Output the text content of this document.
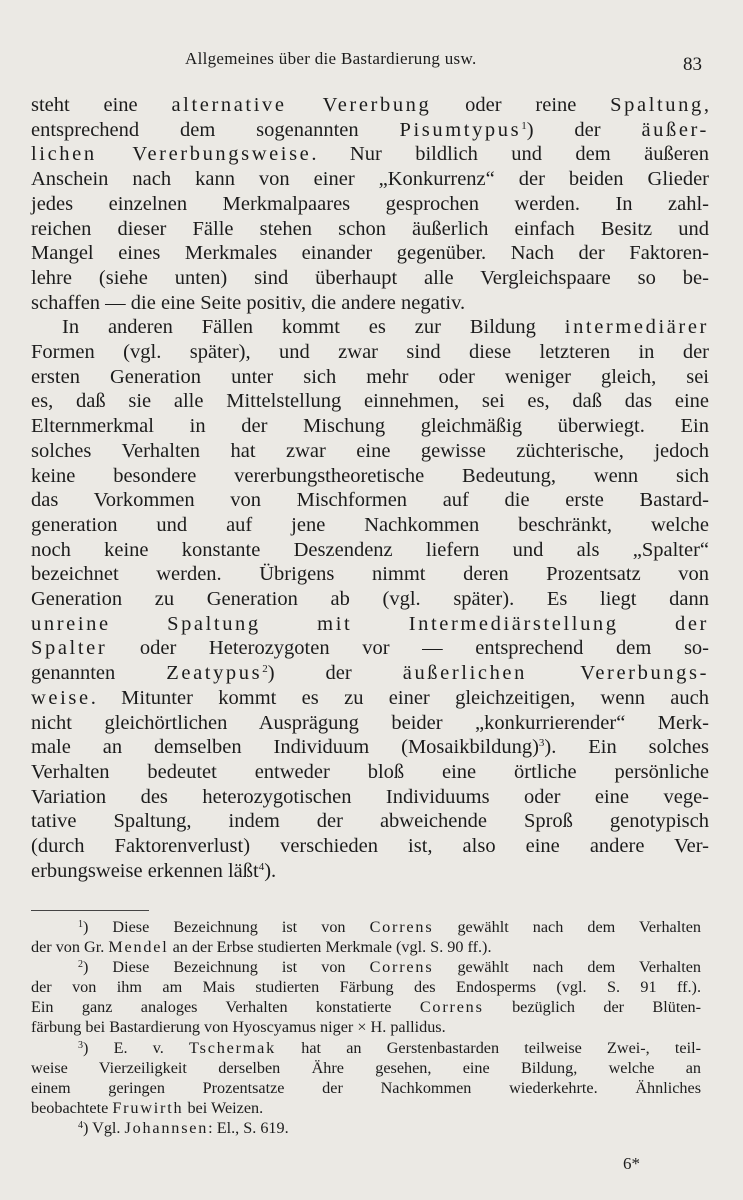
Allgemeines über die Bastardierung usw.	83
steht eine alternative Vererbung oder reine Spaltung,
entsprechend dem sogenannten Pisumtypus$^1$) der äußer-
lichen Vererbungsweise. Nur bildlich und dem äußeren
Anschein nach kann von einer „Konkurrenz“ der beiden Glieder
jedes einzelnen Merkmalpaares gesprochen werden. In zahl-
reichen dieser Fälle stehen schon äußerlich einfach Besitz und
Mangel eines Merkmales einander gegenüber. Nach der Faktoren-
lehre (siehe unten) sind überhaupt alle Vergleichspaare so be-
schaffen — die eine Seite positiv, die andere negativ.
In anderen Fällen kommt es zur Bildung intermediärer
Formen (vgl. später), und zwar sind diese letzteren in der
ersten Generation unter sich mehr oder weniger gleich, sei
es, daß sie alle Mittelstellung einnehmen, sei es, daß das eine
Elternmerkmal in der Mischung gleichmäßig überwiegt. Ein
solches Verhalten hat zwar eine gewisse züchterische, jedoch
keine besondere vererbungstheoretische Bedeutung, wenn sich
das Vorkommen von Mischformen auf die erste Bastard-
generation und auf jene Nachkommen beschränkt, welche
noch keine konstante Deszendenz liefern und als „Spalter“
bezeichnet werden. Übrigens nimmt deren Prozentsatz von
Generation zu Generation ab (vgl. später). Es liegt dann
unreine Spaltung mit Intermediärstellung der
Spalter oder Heterozygoten vor — entsprechend dem so-
genannten Zeatypus$^2$) der äußerlichen Vererbungs-
weise. Mitunter kommt es zu einer gleichzeitigen, wenn auch
nicht gleichörtlichen Ausprägung beider „konkurrierender“ Merk-
male an demselben Individuum (Mosaikbildung)$^3$). Ein solches
Verhalten bedeutet entweder bloß eine örtliche persönliche
Variation des heterozygotischen Individuums oder eine vege-
tative Spaltung, indem der abweichende Sproß genotypisch
(durch Faktorenverlust) verschieden ist, also eine andere Ver-
erbungsweise erkennen läßt$^4$).
$^1$) Diese Bezeichnung ist von Correns gewählt nach dem Verhalten
der von Gr. Mendel an der Erbse studierten Merkmale (vgl. S. 90 ff.).
$^2$) Diese Bezeichnung ist von Correns gewählt nach dem Verhalten
der von ihm am Mais studierten Färbung des Endosperms (vgl. S. 91 ff.).
Ein ganz analoges Verhalten konstatierte Correns bezüglich der Blüten-
färbung bei Bastardierung von Hyoscyamus niger × H. pallidus.
$^3$) E. v. Tschermak hat an Gerstenbastarden teilweise Zwei-, teil-
weise Vierzeiligkeit derselben Ähre gesehen, eine Bildung, welche an
einem geringen Prozentsatze der Nachkommen wiederkehrte. Ähnliches
beobachtete Fruwirth bei Weizen.
$^4$) Vgl. Johannsen: El., S. 619.
6*
